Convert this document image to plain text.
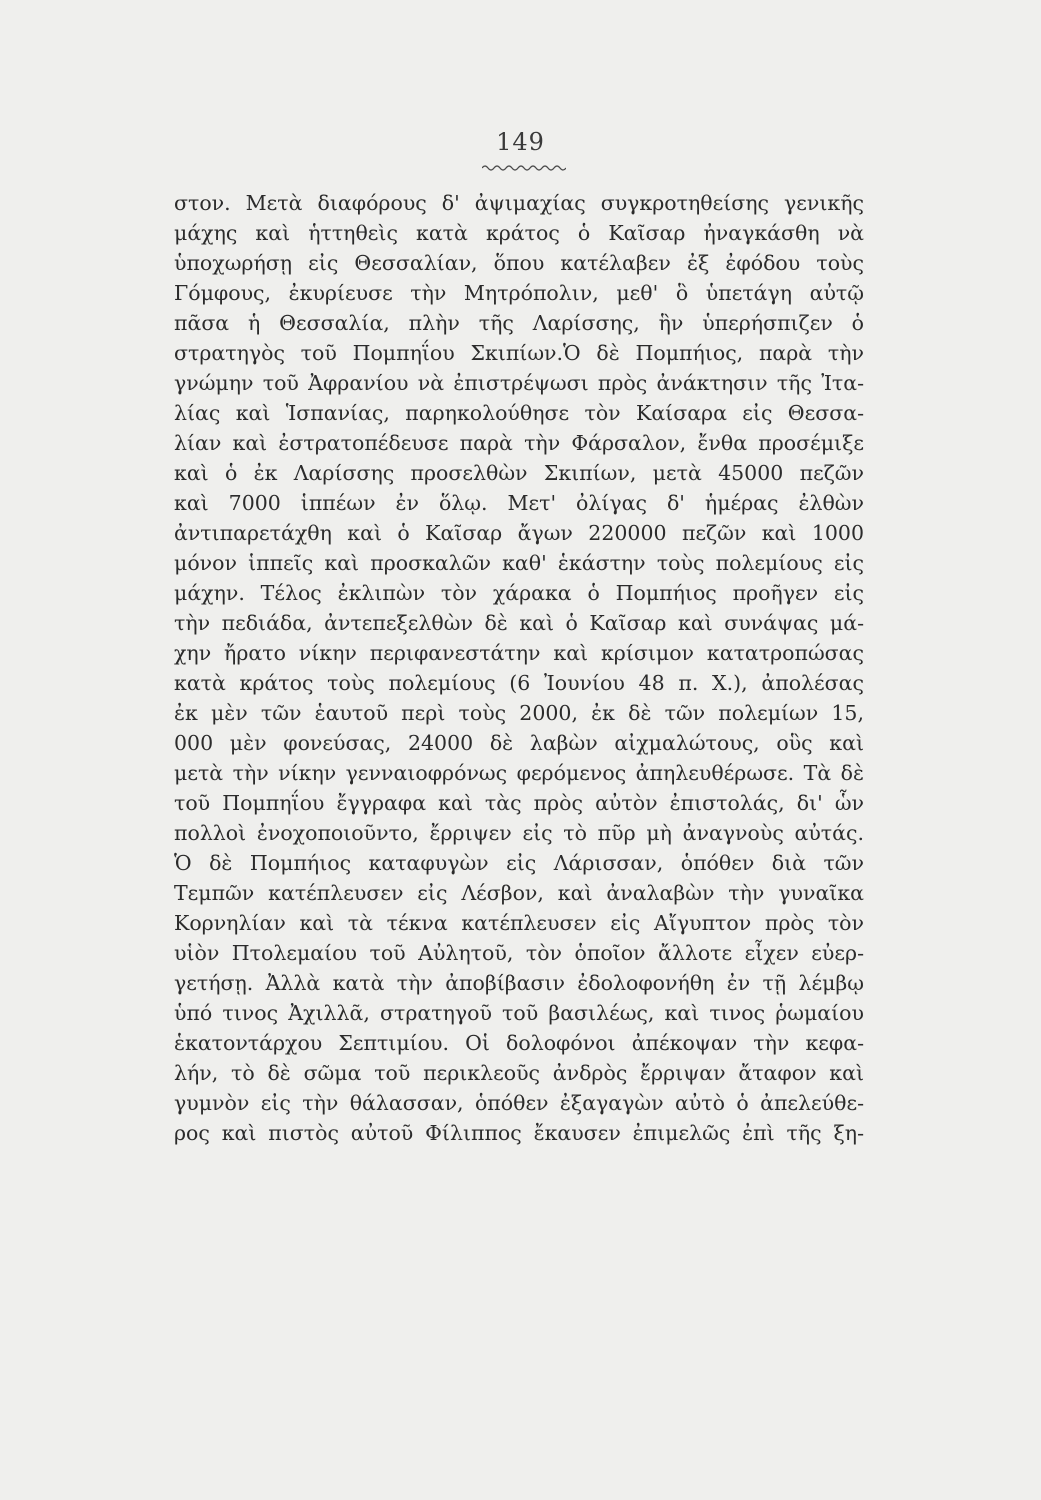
149
στον. Μετὰ διαφόρους δ' ἀψιμαχίας συγκροτηθείσης γενικῆς
μάχης καὶ ἡττηθεὶς κατὰ κράτος ὁ Καῖσαρ ἠναγκάσθη νὰ
ὑποχωρήσῃ εἰς Θεσσαλίαν, ὅπου κατέλαβεν ἐξ ἐφόδου τοὺς
Γόμφους, ἐκυρίευσε τὴν Μητρόπολιν, μεθ' ὃ ὑπετάγη αὐτῷ
πᾶσα ἡ Θεσσαλία, πλὴν τῆς Λαρίσσης, ἣν ὑπερήσπιζεν ὁ
στρατηγὸς τοῦ Πομπηΐου Σκιπίων.Ὁ δὲ Πομπήιος, παρὰ τὴν
γνώμην τοῦ Ἀφρανίου νὰ ἐπιστρέψωσι πρὸς ἀνάκτησιν τῆς Ἰτα-
λίας καὶ Ἱσπανίας, παρηκολούθησε τὸν Καίσαρα εἰς Θεσσα-
λίαν καὶ ἐστρατοπέδευσε παρὰ τὴν Φάρσαλον, ἔνθα προσέμιξε
καὶ ὁ ἐκ Λαρίσσης προσελθὼν Σκιπίων, μετὰ 45000 πεζῶν
καὶ 7000 ἱππέων ἐν ὅλῳ. Μετ' ὀλίγας δ' ἡμέρας ἐλθὼν
ἀντιπαρετάχθη καὶ ὁ Καῖσαρ ἄγων 220000 πεζῶν καὶ 1000
μόνον ἱππεῖς καὶ προσκαλῶν καθ' ἑκάστην τοὺς πολεμίους εἰς
μάχην. Τέλος ἐκλιπὼν τὸν χάρακα ὁ Πομπήιος προῆγεν εἰς
τὴν πεδιάδα, ἀντεπεξελθὼν δὲ καὶ ὁ Καῖσαρ καὶ συνάψας μά-
χην ἤρατο νίκην περιφανεστάτην καὶ κρίσιμον κατατροπώσας
κατὰ κράτος τοὺς πολεμίους (6 Ἰουνίου 48 π. Χ.), ἀπολέσας
ἐκ μὲν τῶν ἑαυτοῦ περὶ τοὺς 2000, ἐκ δὲ τῶν πολεμίων 15,
000 μὲν φονεύσας, 24000 δὲ λαβὼν αἰχμαλώτους, οὓς καὶ
μετὰ τὴν νίκην γενναιοφρόνως φερόμενος ἀπηλευθέρωσε. Τὰ δὲ
τοῦ Πομπηΐου ἔγγραφα καὶ τὰς πρὸς αὐτὸν ἐπιστολάς, δι' ὧν
πολλοὶ ἐνοχοποιοῦντο, ἔρριψεν εἰς τὸ πῦρ μὴ ἀναγνοὺς αὐτάς.
Ὁ δὲ Πομπήιος καταφυγὼν εἰς Λάρισσαν, ὁπόθεν διὰ τῶν
Τεμπῶν κατέπλευσεν εἰς Λέσβον, καὶ ἀναλαβὼν τὴν γυναῖκα
Κορνηλίαν καὶ τὰ τέκνα κατέπλευσεν εἰς Αἴγυπτον πρὸς τὸν
υἱὸν Πτολεμαίου τοῦ Αὐλητοῦ, τὸν ὁποῖον ἄλλοτε εἶχεν εὐερ-
γετήσῃ. Ἀλλὰ κατὰ τὴν ἀποβίβασιν ἐδολοφονήθη ἐν τῇ λέμβῳ
ὑπό τινος Ἀχιλλᾶ, στρατηγοῦ τοῦ βασιλέως, καὶ τινος ῥωμαίου
ἑκατοντάρχου Σεπτιμίου. Οἱ δολοφόνοι ἀπέκοψαν τὴν κεφα-
λήν, τὸ δὲ σῶμα τοῦ περικλεοῦς ἀνδρὸς ἔρριψαν ἄταφον καὶ
γυμνὸν εἰς τὴν θάλασσαν, ὁπόθεν ἐξαγαγὼν αὐτὸ ὁ ἀπελεύθε-
ρος καὶ πιστὸς αὐτοῦ Φίλιππος ἔκαυσεν ἐπιμελῶς ἐπὶ τῆς ξη-
